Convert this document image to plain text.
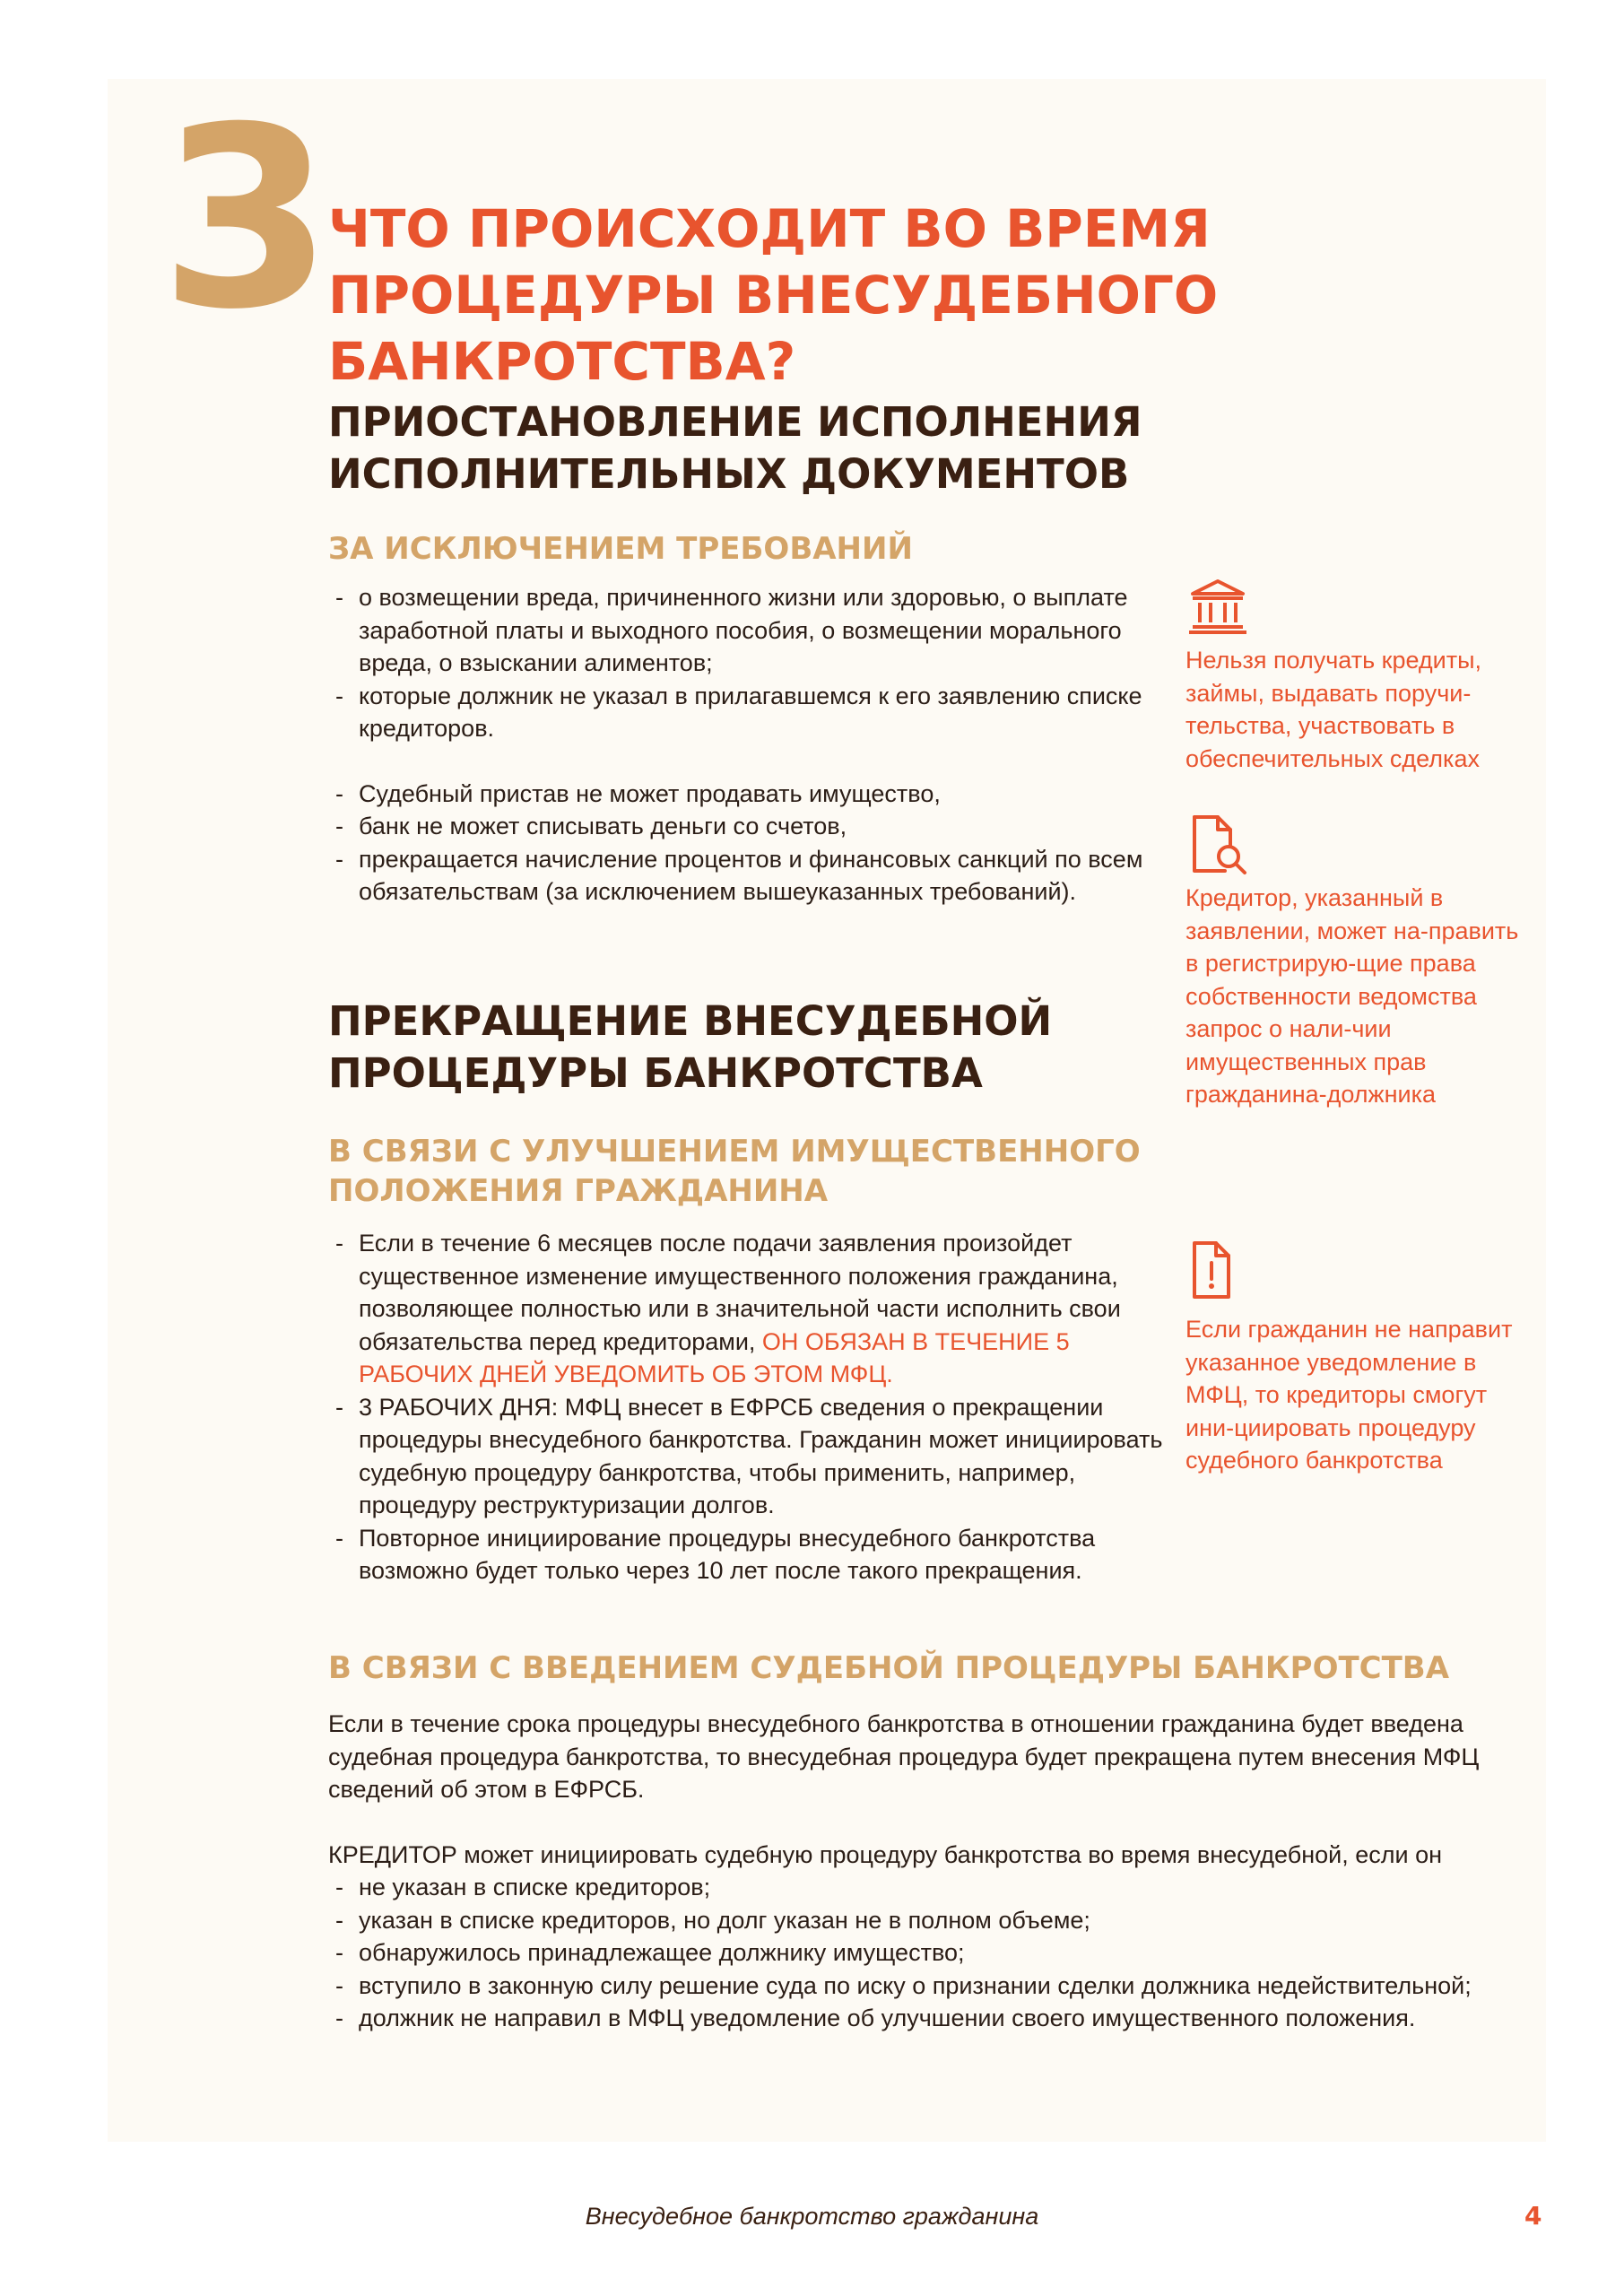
3
ЧТО ПРОИСХОДИТ ВО ВРЕМЯ ПРОЦЕДУРЫ ВНЕСУДЕБНОГО БАНКРОТСТВА?
ПРИОСТАНОВЛЕНИЕ ИСПОЛНЕНИЯ ИСПОЛНИТЕЛЬНЫХ ДОКУМЕНТОВ
ЗА ИСКЛЮЧЕНИЕМ ТРЕБОВАНИЙ
- о возмещении вреда, причиненного жизни или здоровью, о выплате заработной платы и выходного пособия, о возмещении морального вреда, о взыскании алиментов;
- которые должник не указал в прилагавшемся к его заявлению списке кредиторов.
- Судебный пристав не может продавать имущество,
- банк не может списывать деньги со счетов,
- прекращается начисление процентов и финансовых санкций по всем обязательствам (за исключением вышеуказанных требований).
ПРЕКРАЩЕНИЕ ВНЕСУДЕБНОЙ ПРОЦЕДУРЫ БАНКРОТСТВА
В СВЯЗИ С УЛУЧШЕНИЕМ ИМУЩЕСТВЕННОГО ПОЛОЖЕНИЯ ГРАЖДАНИНА
- Если в течение 6 месяцев после подачи заявления произойдет существенное изменение имущественного положения гражданина, позволяющее полностью или в значительной части исполнить свои обязательства перед кредиторами, ОН ОБЯЗАН В ТЕЧЕНИЕ 5 РАБОЧИХ ДНЕЙ УВЕДОМИТЬ ОБ ЭТОМ МФЦ.
- 3 РАБОЧИХ ДНЯ: МФЦ внесет в ЕФРСБ сведения о прекращении процедуры внесудебного банкротства. Гражданин может инициировать судебную процедуру банкротства, чтобы применить, например, процедуру реструктуризации долгов.
- Повторное инициирование процедуры внесудебного банкротства возможно будет только через 10 лет после такого прекращения.
В СВЯЗИ С ВВЕДЕНИЕМ СУДЕБНОЙ ПРОЦЕДУРЫ БАНКРОТСТВА

Если в течение срока процедуры внесудебного банкротства в отношении гражданина будет введена судебная процедура банкротства, то внесудебная процедура будет прекращена путем внесения МФЦ сведений об этом в ЕФРСБ.

КРЕДИТОР может инициировать судебную процедуру банкротства во время внесудебной, если он

- не указан в списке кредиторов;
- указан в списке кредиторов, но долг указан не в полном объеме;
- обнаружилось принадлежащее должнику имущество;
- вступило в законную силу решение суда по иску о признании сделки должника недействительной;
- должник не направил в МФЦ уведомление об улучшении своего имущественного положения.
Нельзя получать кредиты, займы, выдавать поручи-тельства, участвовать в обеспечительных сделках
Кредитор, указанный в заявлении, может на-править в регистрирую-щие права собственности ведомства запрос о нали-чии имущественных прав гражданина-должника
Если гражданин не направит указанное уведомление в МФЦ, то кредиторы смогут ини-циировать процедуру судебного банкротства
Внесудебное банкротство гражданина	4
